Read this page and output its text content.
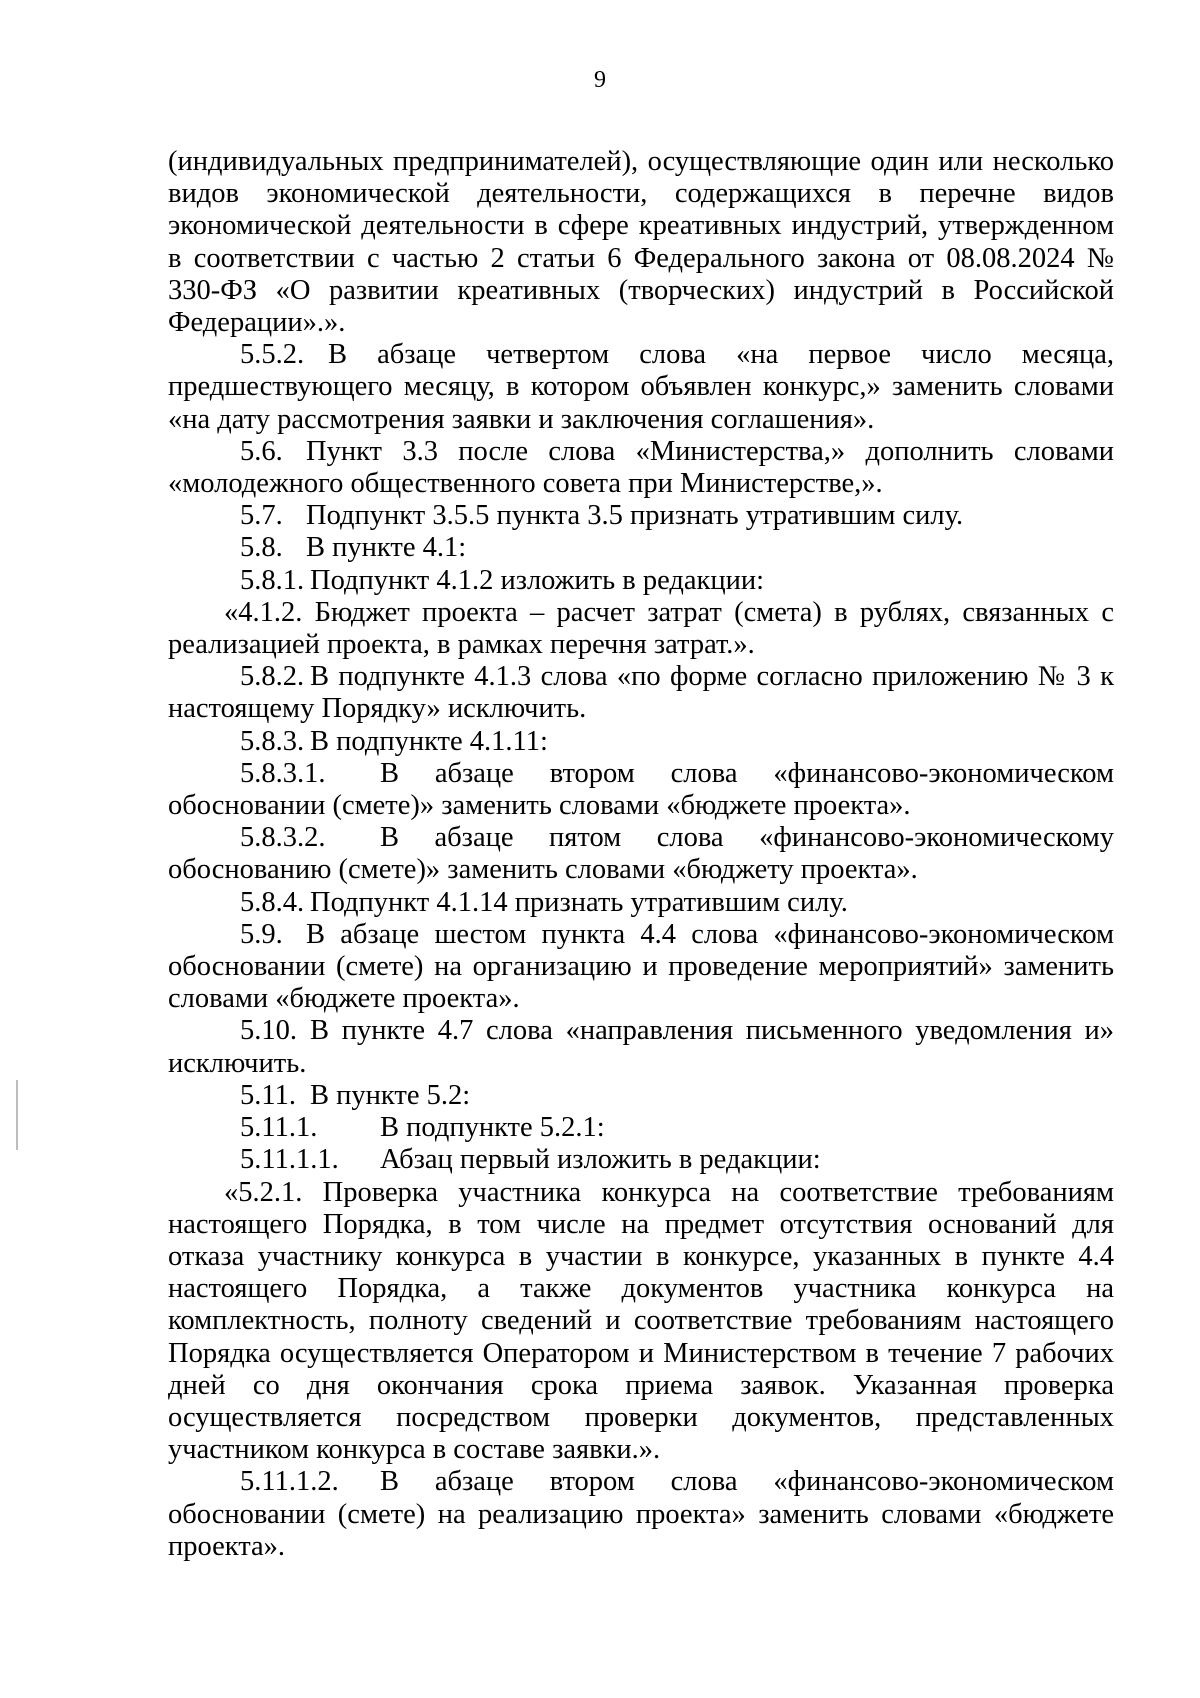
9

(индивидуальных предпринимателей), осуществляющие один или несколько видов экономической деятельности, содержащихся в перечне видов экономической деятельности в сфере креативных индустрий, утвержденном в соответствии с частью 2 статьи 6 Федерального закона от 08.08.2024 № 330-ФЗ «О развитии креативных (творческих) индустрий в Российской Федерации».».

5.5.2. В абзаце четвертом слова «на первое число месяца, предшествующего месяцу, в котором объявлен конкурс,» заменить словами «на дату рассмотрения заявки и заключения соглашения».

5.6. Пункт 3.3 после слова «Министерства,» дополнить словами «молодежного общественного совета при Министерстве,».

5.7. Подпункт 3.5.5 пункта 3.5 признать утратившим силу.

5.8. В пункте 4.1:

5.8.1. Подпункт 4.1.2 изложить в редакции:

«4.1.2. Бюджет проекта – расчет затрат (смета) в рублях, связанных с реализацией проекта, в рамках перечня затрат.».

5.8.2. В подпункте 4.1.3 слова «по форме согласно приложению № 3 к настоящему Порядку» исключить.

5.8.3. В подпункте 4.1.11:

5.8.3.1. В абзаце втором слова «финансово-экономическом обосновании (смете)» заменить словами «бюджете проекта».

5.8.3.2. В абзаце пятом слова «финансово-экономическому обоснованию (смете)» заменить словами «бюджету проекта».

5.8.4. Подпункт 4.1.14 признать утратившим силу.

5.9. В абзаце шестом пункта 4.4 слова «финансово-экономическом обосновании (смете) на организацию и проведение мероприятий» заменить словами «бюджете проекта».

5.10. В пункте 4.7 слова «направления письменного уведомления и» исключить.

5.11. В пункте 5.2:

5.11.1. В подпункте 5.2.1:

5.11.1.1. Абзац первый изложить в редакции:

«5.2.1. Проверка участника конкурса на соответствие требованиям настоящего Порядка, в том числе на предмет отсутствия оснований для отказа участнику конкурса в участии в конкурсе, указанных в пункте 4.4 настоящего Порядка, а также документов участника конкурса на комплектность, полноту сведений и соответствие требованиям настоящего Порядка осуществляется Оператором и Министерством в течение 7 рабочих дней со дня окончания срока приема заявок. Указанная проверка осуществляется посредством проверки документов, представленных участником конкурса в составе заявки.».

5.11.1.2. В абзаце втором слова «финансово-экономическом обосновании (смете) на реализацию проекта» заменить словами «бюджете проекта».
